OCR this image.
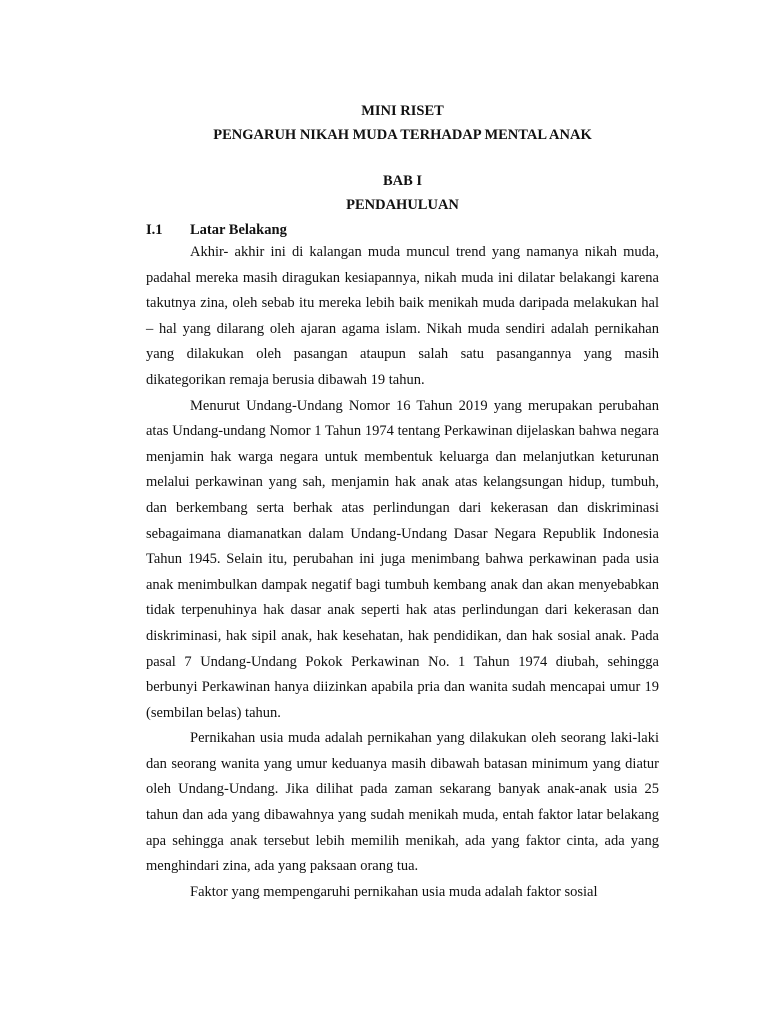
MINI RISET

PENGARUH NIKAH MUDA TERHADAP MENTAL ANAK

BAB I

PENDAHULUAN

I.1	Latar Belakang

Akhir- akhir ini di kalangan muda muncul trend yang namanya nikah muda, padahal mereka masih diragukan kesiapannya, nikah muda ini dilatar belakangi karena takutnya zina, oleh sebab itu mereka lebih baik menikah muda daripada melakukan hal – hal yang dilarang oleh ajaran agama islam. Nikah muda sendiri adalah pernikahan yang dilakukan oleh pasangan ataupun salah satu pasangannya yang masih dikategorikan remaja berusia dibawah 19 tahun.

Menurut Undang-Undang Nomor 16 Tahun 2019 yang merupakan perubahan atas Undang-undang Nomor 1 Tahun 1974 tentang Perkawinan dijelaskan bahwa negara menjamin hak warga negara untuk membentuk keluarga dan melanjutkan keturunan melalui perkawinan yang sah, menjamin hak anak atas kelangsungan hidup, tumbuh, dan berkembang serta berhak atas perlindungan dari kekerasan dan diskriminasi sebagaimana diamanatkan dalam Undang-Undang Dasar Negara Republik Indonesia Tahun 1945. Selain itu, perubahan ini juga menimbang bahwa perkawinan pada usia anak menimbulkan dampak negatif bagi tumbuh kembang anak dan akan menyebabkan tidak terpenuhinya hak dasar anak seperti hak atas perlindungan dari kekerasan dan diskriminasi, hak sipil anak, hak kesehatan, hak pendidikan, dan hak sosial anak. Pada pasal 7 Undang-Undang Pokok Perkawinan No. 1 Tahun 1974 diubah, sehingga berbunyi Perkawinan hanya diizinkan apabila pria dan wanita sudah mencapai umur 19 (sembilan belas) tahun.

Pernikahan usia muda adalah pernikahan yang dilakukan oleh seorang laki-laki dan seorang wanita yang umur keduanya masih dibawah batasan minimum yang diatur oleh Undang-Undang. Jika dilihat pada zaman sekarang banyak anak-anak usia 25 tahun dan ada yang dibawahnya yang sudah menikah muda, entah faktor latar belakang apa sehingga anak tersebut lebih memilih menikah, ada yang faktor cinta, ada yang menghindari zina, ada yang paksaan orang tua.

Faktor yang mempengaruhi pernikahan usia muda adalah faktor sosial
